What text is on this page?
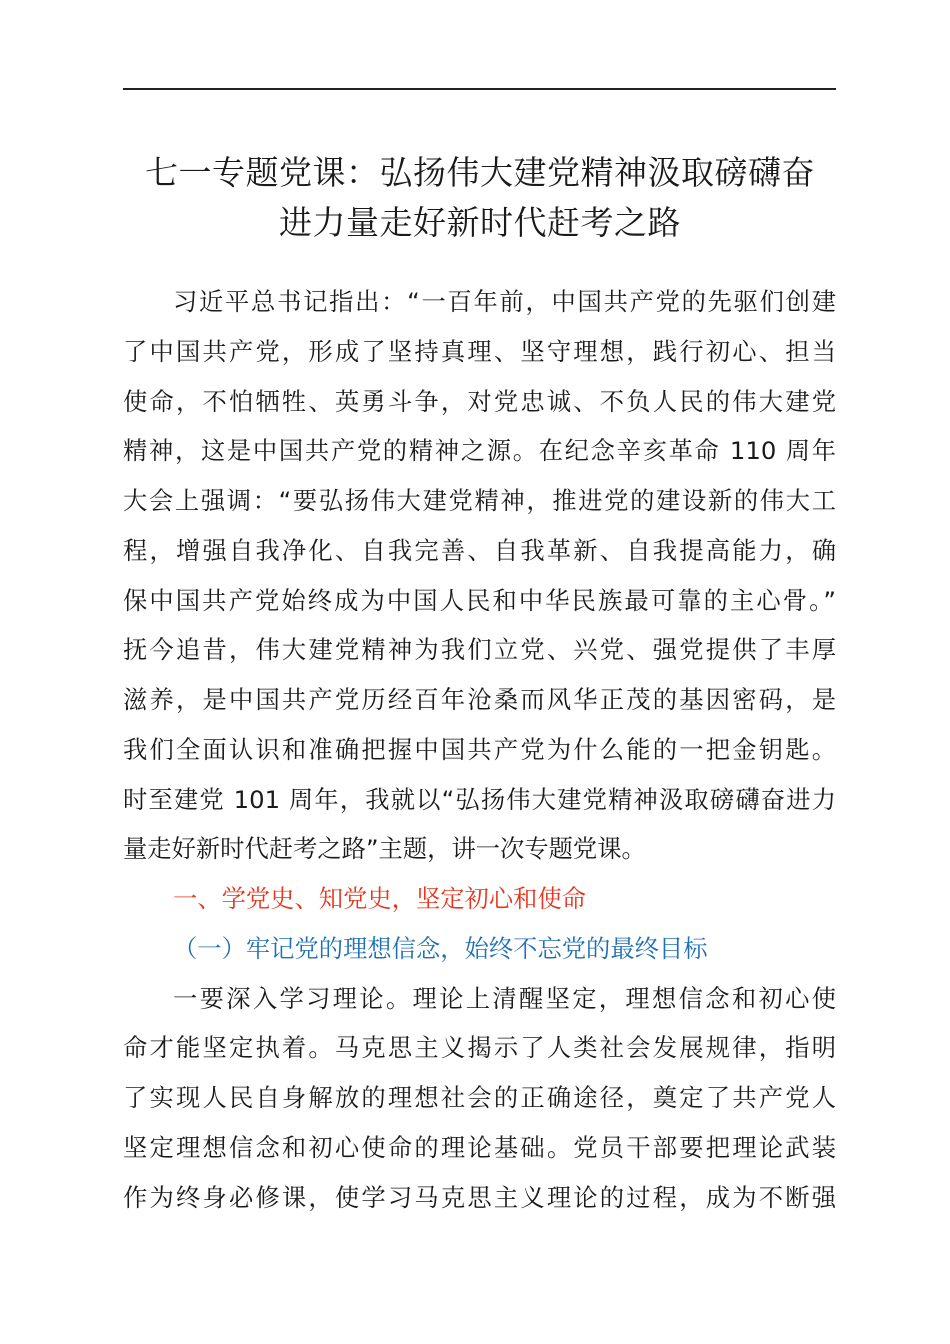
七一专题党课：弘扬伟大建党精神汲取磅礴奋
进力量走好新时代赶考之路
习近平总书记指出：“一百年前，中国共产党的先驱们创建
了中国共产党，形成了坚持真理、坚守理想，践行初心、担当
使命，不怕牺牲、英勇斗争，对党忠诚、不负人民的伟大建党
精神，这是中国共产党的精神之源。在纪念辛亥革命 110 周年
大会上强调：“要弘扬伟大建党精神，推进党的建设新的伟大工
程，增强自我净化、自我完善、自我革新、自我提高能力，确
保中国共产党始终成为中国人民和中华民族最可靠的主心骨。”
抚今追昔，伟大建党精神为我们立党、兴党、强党提供了丰厚
滋养，是中国共产党历经百年沧桑而风华正茂的基因密码，是
我们全面认识和准确把握中国共产党为什么能的一把金钥匙。
时至建党 101 周年，我就以“弘扬伟大建党精神汲取磅礴奋进力
量走好新时代赶考之路”主题，讲一次专题党课。
一、学党史、知党史，坚定初心和使命
（一）牢记党的理想信念，始终不忘党的最终目标
一要深入学习理论。理论上清醒坚定，理想信念和初心使
命才能坚定执着。马克思主义揭示了人类社会发展规律，指明
了实现人民自身解放的理想社会的正确途径，奠定了共产党人
坚定理想信念和初心使命的理论基础。党员干部要把理论武装
作为终身必修课，使学习马克思主义理论的过程，成为不断强
